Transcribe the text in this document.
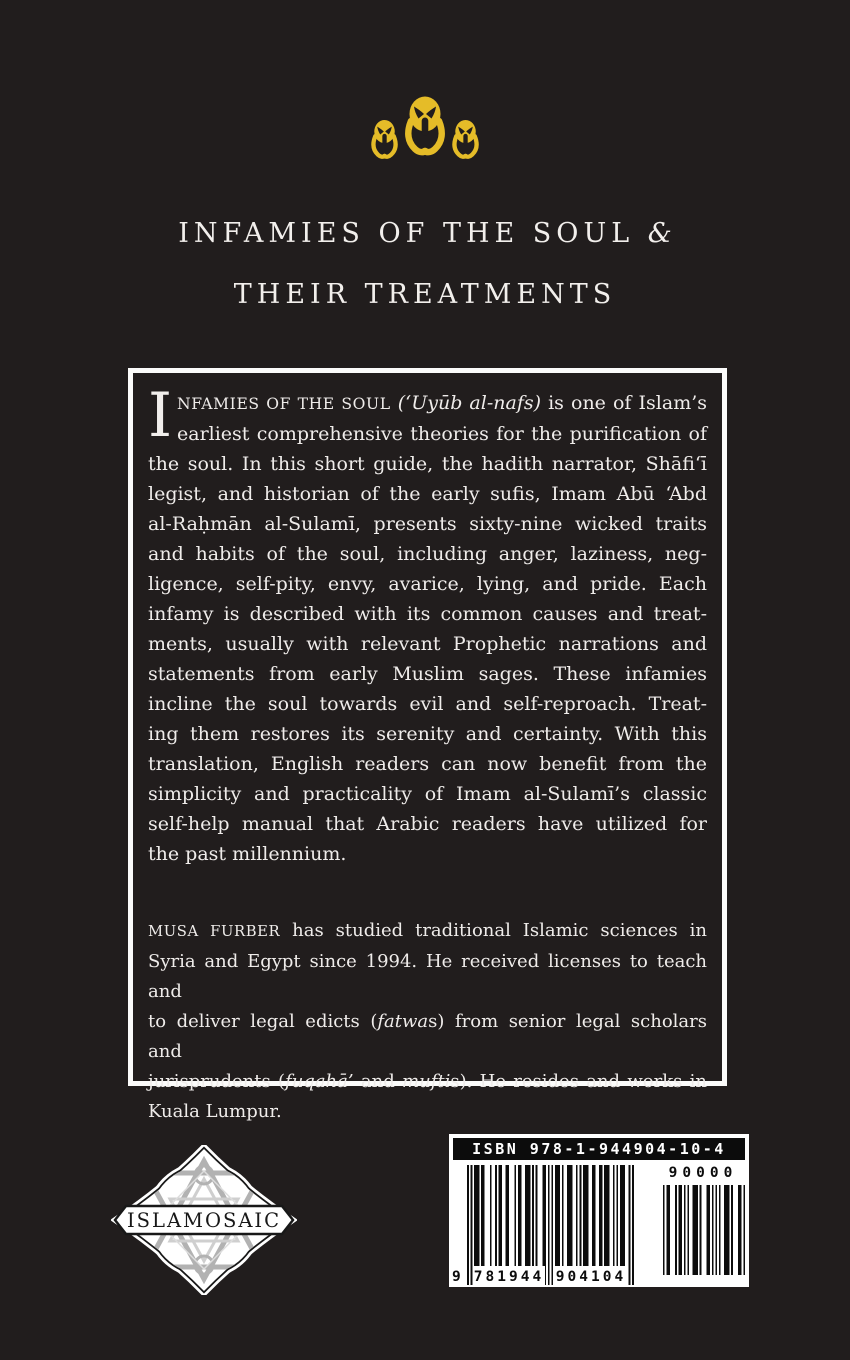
INFAMIES OF THE SOUL &
THEIR TREATMENTS
I NFAMIES OF THE SOUL (‘Uyūb al-nafs) is one of Islam’s
earliest comprehensive theories for the purification of
the soul. In this short guide, the hadith narrator, Shāfi‘ī
legist, and historian of the early sufis, Imam Abū ‘Abd
al-Raḥmān al-Sulamī, presents sixty-nine wicked traits
and habits of the soul, including anger, laziness, neg-
ligence, self-pity, envy, avarice, lying, and pride. Each
infamy is described with its common causes and treat-
ments, usually with relevant Prophetic narrations and
statements from early Muslim sages. These infamies
incline the soul towards evil and self-reproach. Treat-
ing them restores its serenity and certainty. With this
translation, English readers can now benefit from the
simplicity and practicality of Imam al-Sulamī’s classic
self-help manual that Arabic readers have utilized for
the past millennium.
MUSA FURBER has studied traditional Islamic sciences in
Syria and Egypt since 1994. He received licenses to teach and
to deliver legal edicts (fatwas) from senior legal scholars and
jurisprudents (fuqahā’ and muftis). He resides and works in
Kuala Lumpur.
ISLAMOSAIC
ISBN 978-1-944904-10-4
9 781944 904104
90000
